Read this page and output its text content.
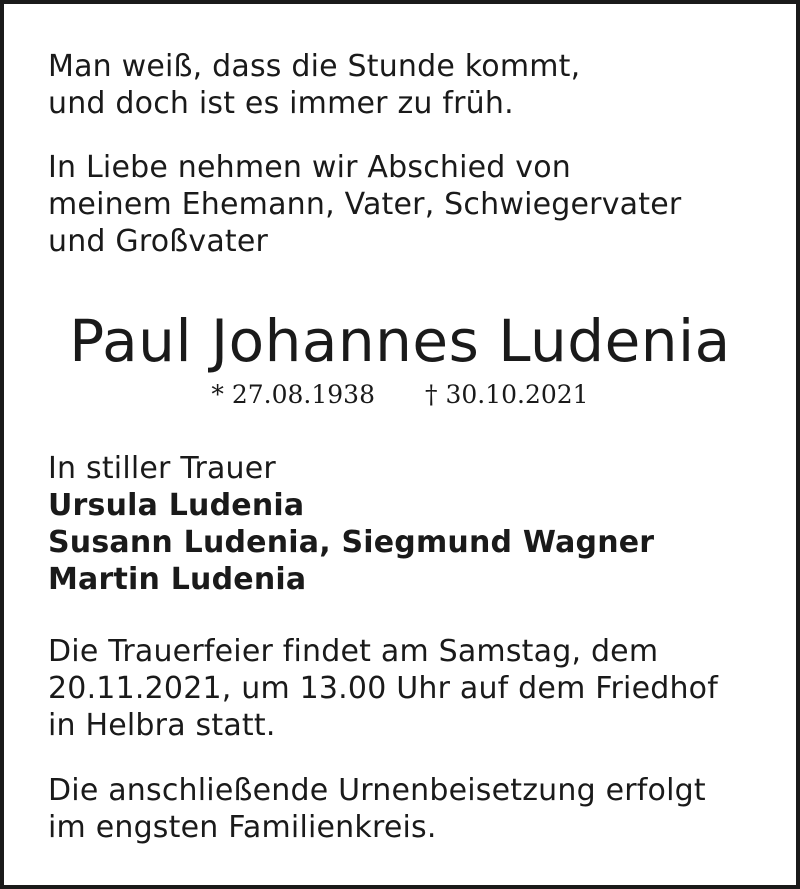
Man weiß, dass die Stunde kommt,
und doch ist es immer zu früh.

In Liebe nehmen wir Abschied von
meinem Ehemann, Vater, Schwiegervater
und Großvater

Paul Johannes Ludenia
* 27.08.1938 † 30.10.2021

In stiller Trauer
Ursula Ludenia
Susann Ludenia, Siegmund Wagner
Martin Ludenia

Die Trauerfeier findet am Samstag, dem
20.11.2021, um 13.00 Uhr auf dem Friedhof
in Helbra statt.

Die anschließende Urnenbeisetzung erfolgt
im engsten Familienkreis.
